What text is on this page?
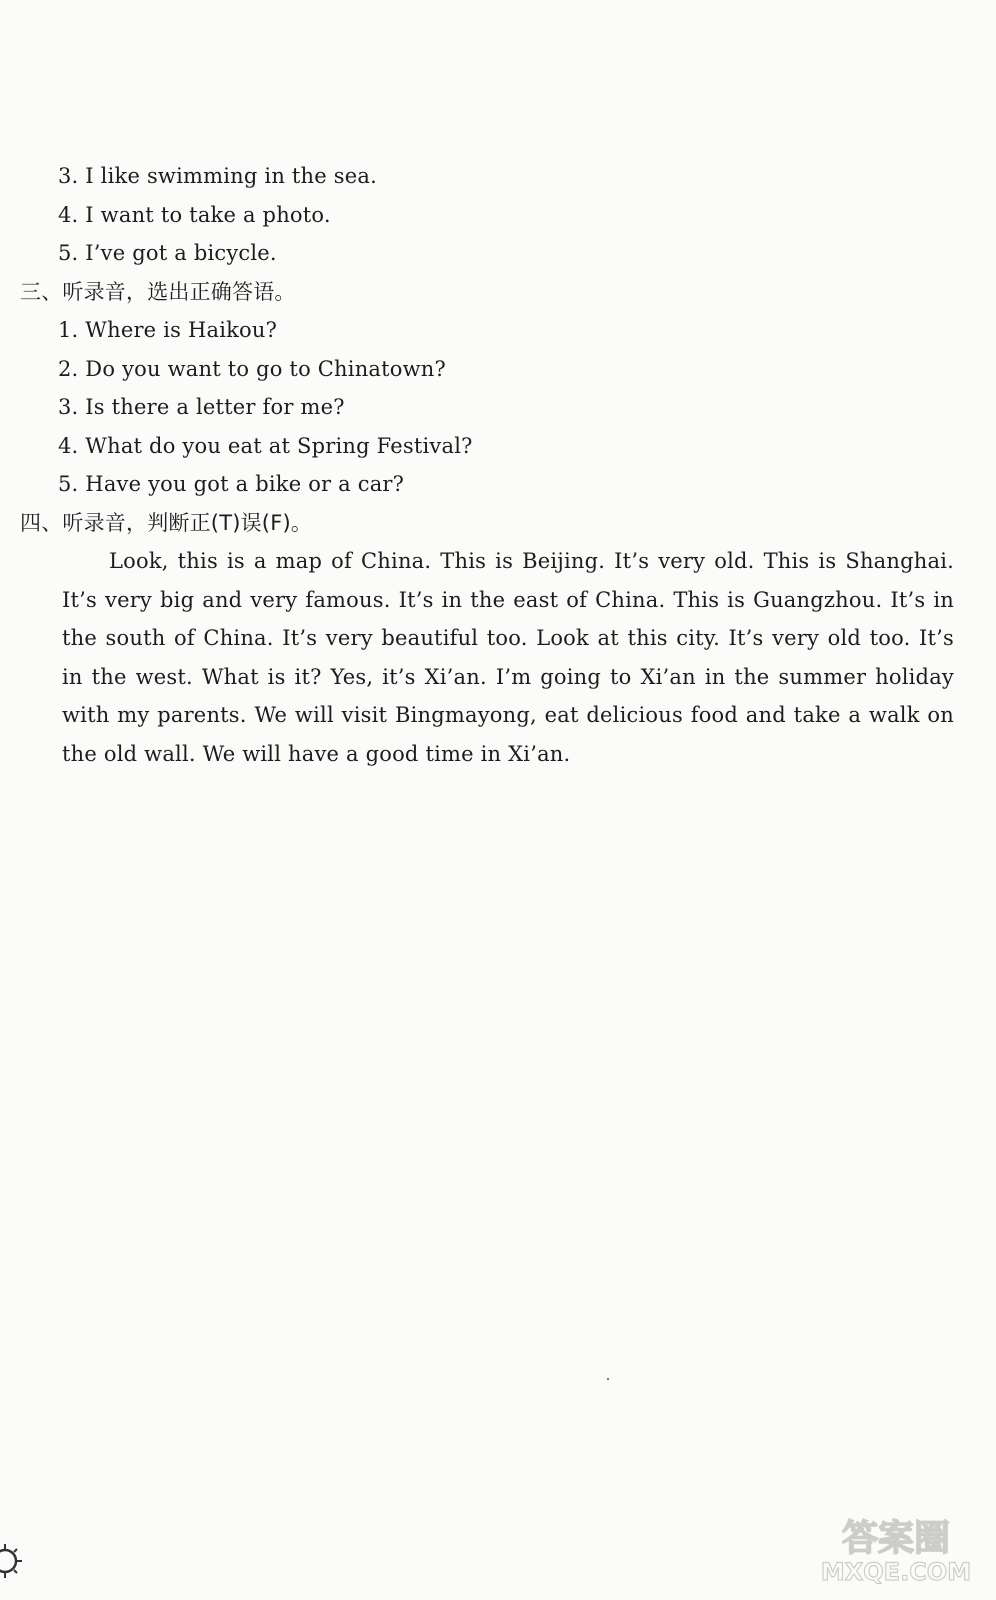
3. I like swimming in the sea.
4. I want to take a photo.
5. I’ve got a bicycle.
三、听录音，选出正确答语。
1. Where is Haikou?
2. Do you want to go to Chinatown?
3. Is there a letter for me?
4. What do you eat at Spring Festival?
5. Have you got a bike or a car?
四、听录音，判断正(T)误(F)。
Look, this is a map of China. This is Beijing. It’s very old. This is Shanghai. It’s very big and very famous. It’s in the east of China. This is Guangzhou. It’s in the south of China. It’s very beautiful too. Look at this city. It’s very old too. It’s in the west. What is it? Yes, it’s Xi’an. I’m going to Xi’an in the summer holiday with my parents. We will visit Bingmayong, eat delicious food and take a walk on the old wall. We will have a good time in Xi’an.
答案圈
MXQE.COM
